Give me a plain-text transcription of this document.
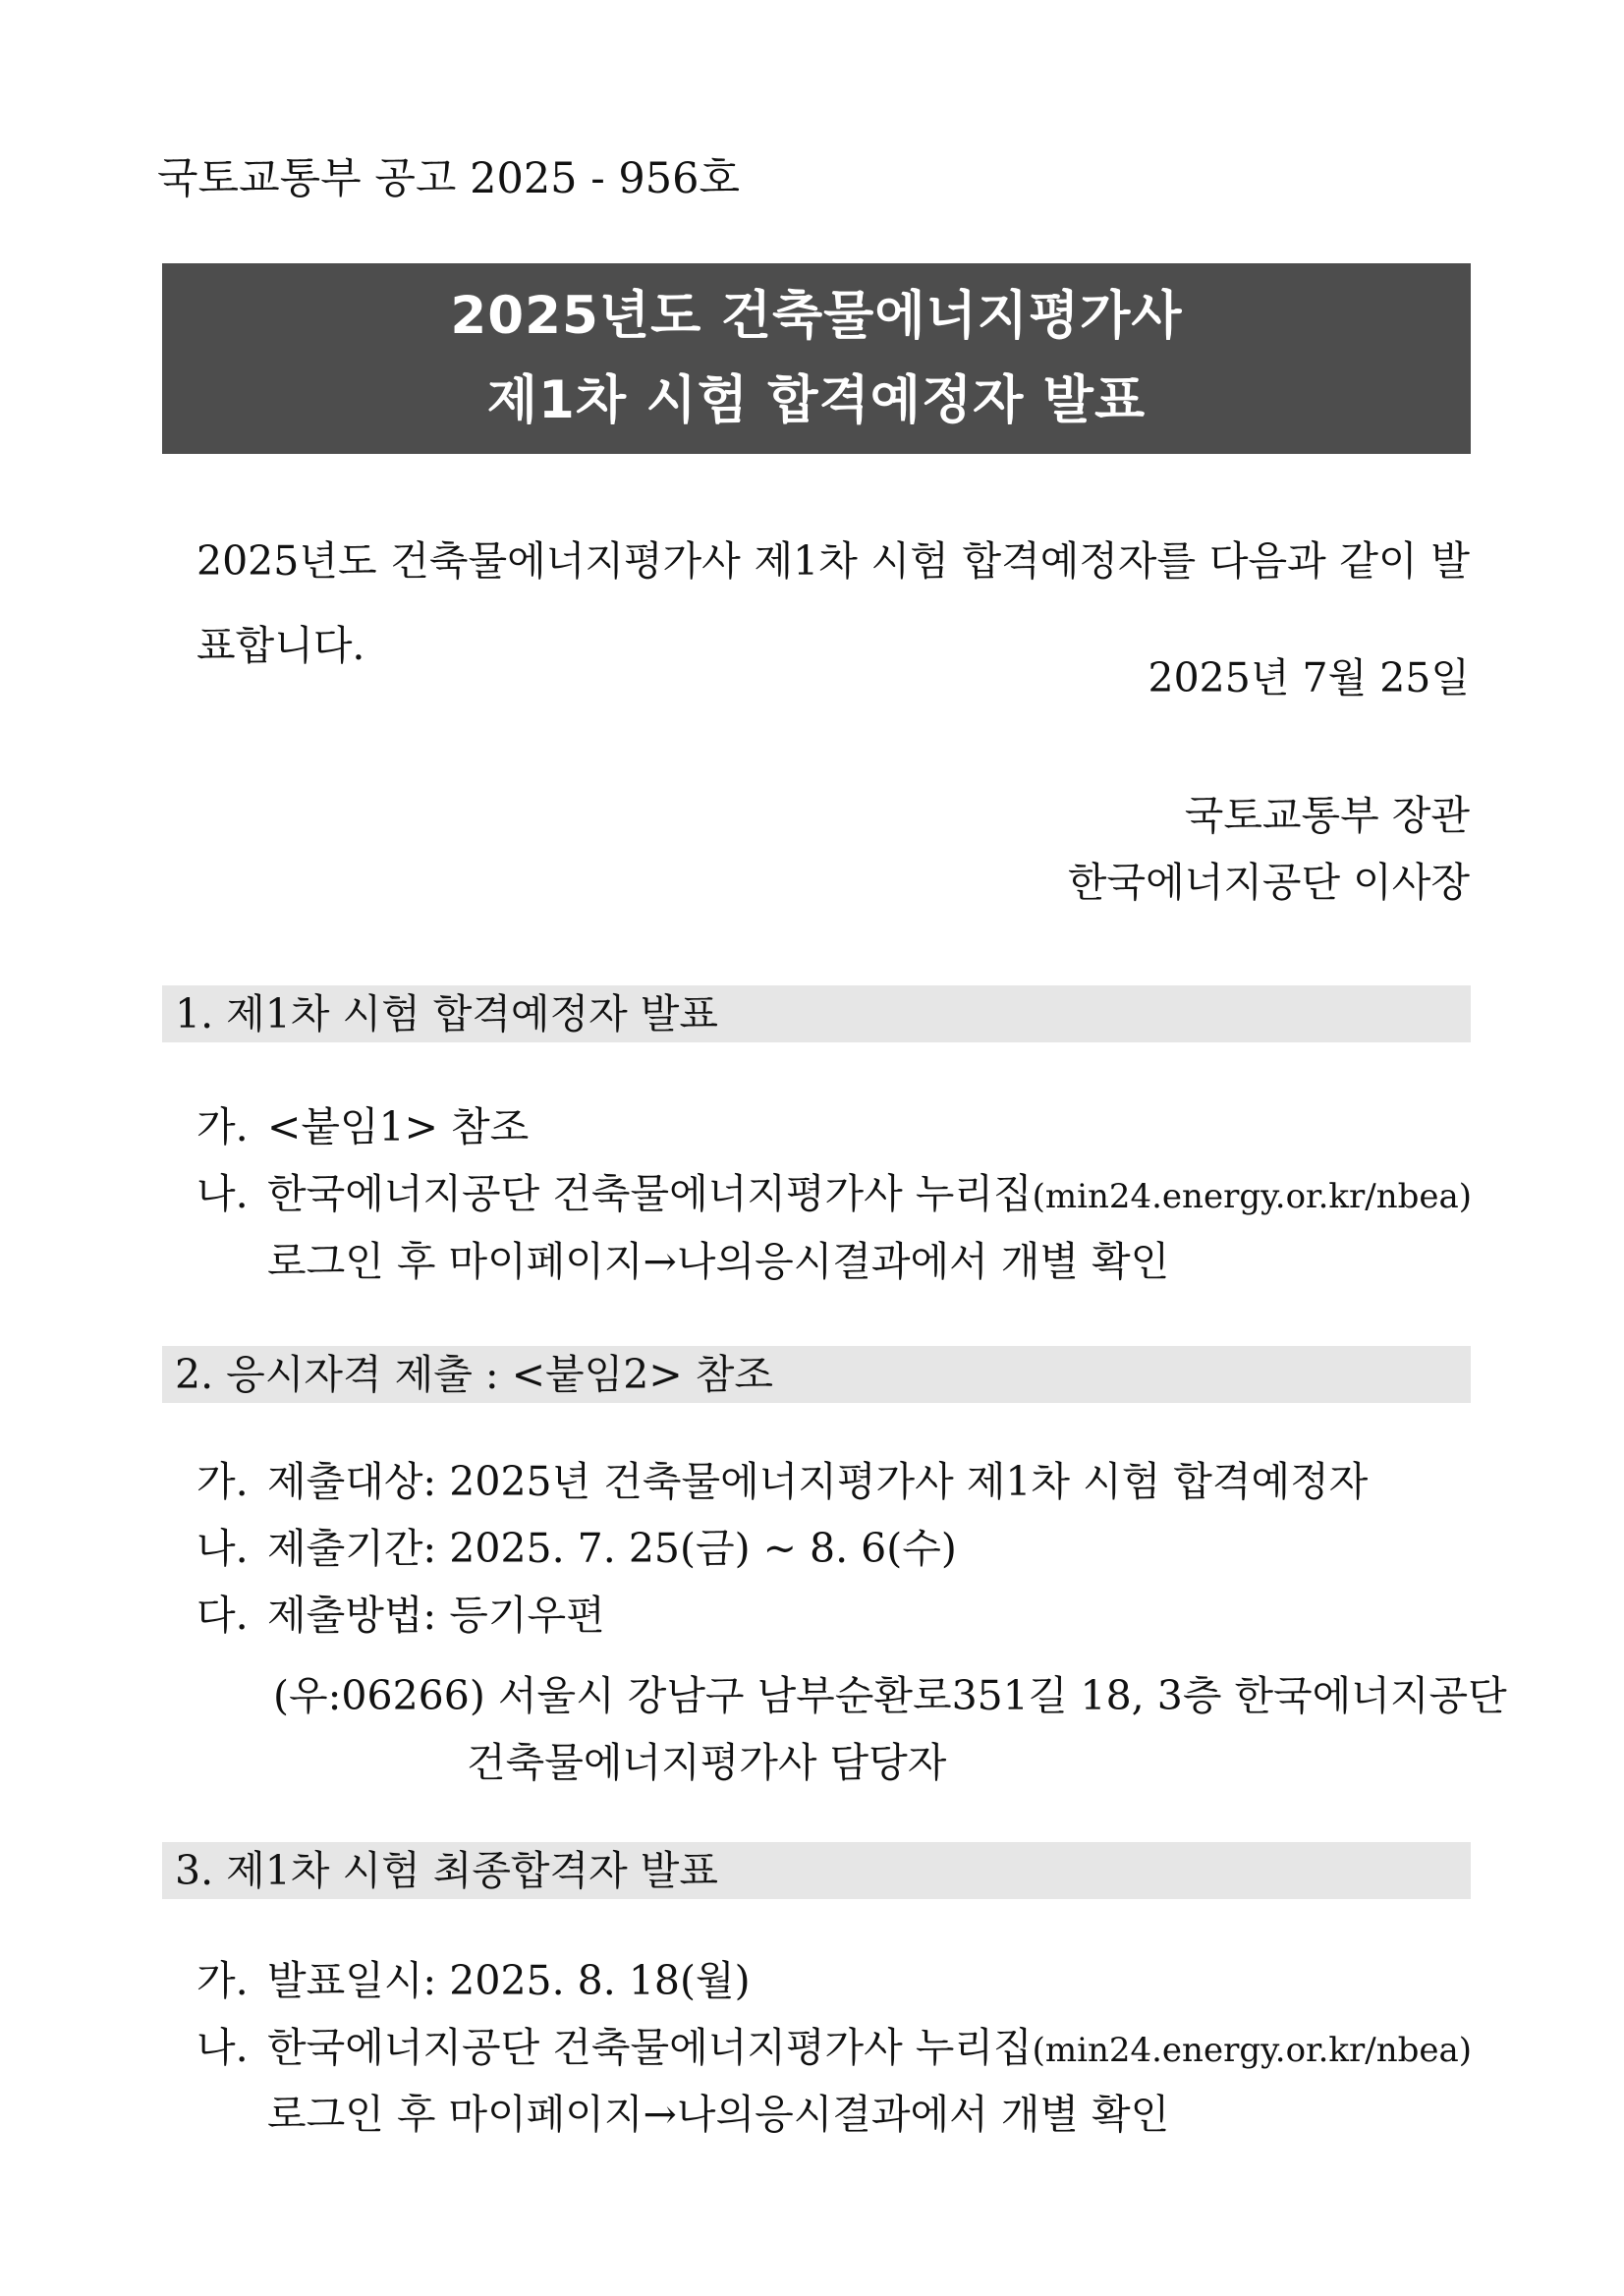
국토교통부 공고 2025 - 956호
2025년도 건축물에너지평가사
제1차 시험 합격예정자 발표
2025년도 건축물에너지평가사 제1차 시험 합격예정자를 다음과 같이 발표합니다.
2025년 7월 25일
국토교통부 장관
한국에너지공단 이사장
1. 제1차 시험 합격예정자 발표
가. <붙임1> 참조
나. 한국에너지공단 건축물에너지평가사 누리집(min24.energy.or.kr/nbea)
로그인 후 마이페이지→나의응시결과에서 개별 확인
2. 응시자격 제출 : <붙임2> 참조
가. 제출대상: 2025년 건축물에너지평가사 제1차 시험 합격예정자
나. 제출기간: 2025. 7. 25(금) ~ 8. 6(수)
다. 제출방법: 등기우편
(우:06266) 서울시 강남구 남부순환로351길 18, 3층 한국에너지공단
건축물에너지평가사 담당자
3. 제1차 시험 최종합격자 발표
가. 발표일시: 2025. 8. 18(월)
나. 한국에너지공단 건축물에너지평가사 누리집(min24.energy.or.kr/nbea)
로그인 후 마이페이지→나의응시결과에서 개별 확인
